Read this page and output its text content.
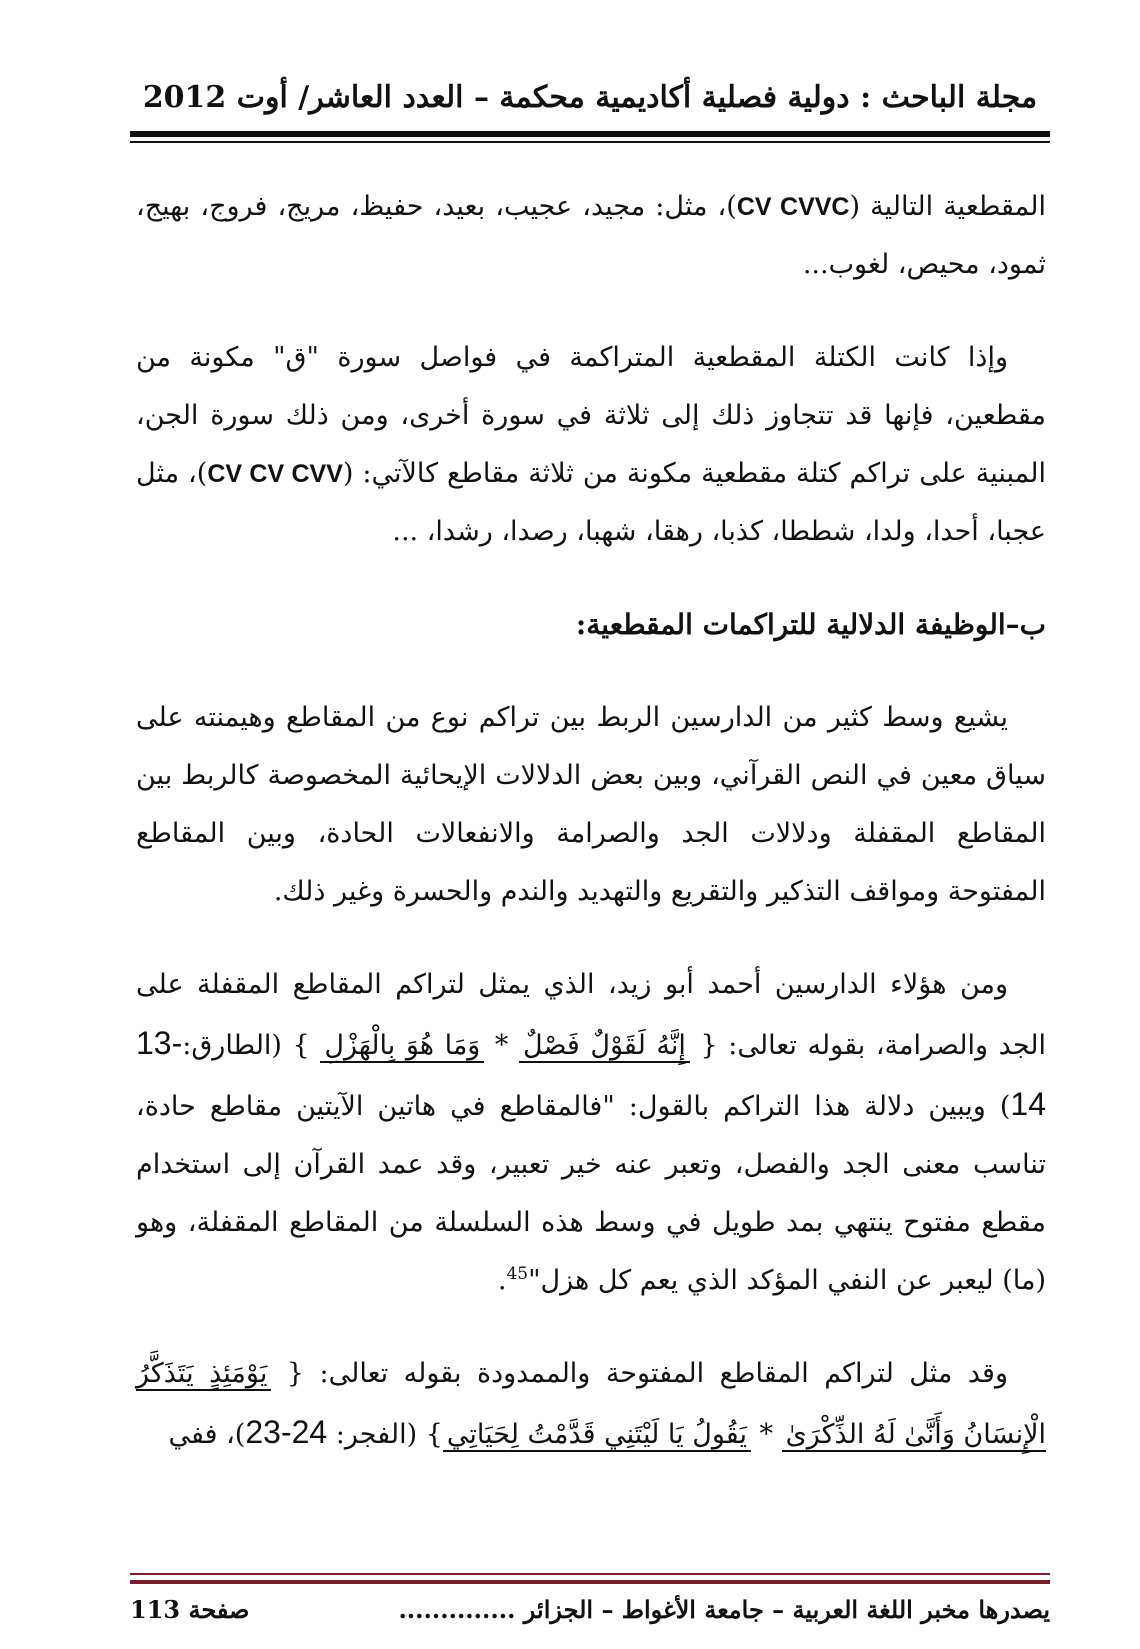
مجلة الباحث : دولية فصلية أكاديمية محكمة – العدد العاشر/ أوت 2012

المقطعية التالية (CV CVVC)، مثل: مجيد، عجيب، بعيد، حفيظ، مريج، فروج، بهيج، ثمود، محيص، لغوب...

وإذا كانت الكتلة المقطعية المتراكمة في فواصل سورة "ق" مكونة من مقطعين، فإنها قد تتجاوز ذلك إلى ثلاثة في سورة أخرى، ومن ذلك سورة الجن، المبنية على تراكم كتلة مقطعية مكونة من ثلاثة مقاطع كالآتي: (CV CV CVV)، مثل عجبا، أحدا، ولدا، شططا، كذبا، رهقا، شهبا، رصدا، رشدا، ...

ب–الوظيفة الدلالية للتراكمات المقطعية:

يشيع وسط كثير من الدارسين الربط بين تراكم نوع من المقاطع وهيمنته على سياق معين في النص القرآني، وبين بعض الدلالات الإيحائية المخصوصة كالربط بين المقاطع المقفلة ودلالات الجد والصرامة والانفعالات الحادة، وبين المقاطع المفتوحة ومواقف التذكير والتقريع والتهديد والندم والحسرة وغير ذلك.

ومن هؤلاء الدارسين أحمد أبو زيد، الذي يمثل لتراكم المقاطع المقفلة على الجد والصرامة، بقوله تعالى: { إِنَّهُ لَقَوْلٌ فَصْلٌ * وَمَا هُوَ بِالْهَزْلِ } (الطارق:13- 14) ويبين دلالة هذا التراكم بالقول: "فالمقاطع في هاتين الآيتين مقاطع حادة، تناسب معنى الجد والفصل، وتعبر عنه خير تعبير، وقد عمد القرآن إلى استخدام مقطع مفتوح ينتهي بمد طويل في وسط هذه السلسلة من المقاطع المقفلة، وهو (ما) ليعبر عن النفي المؤكد الذي يعم كل هزل"$^{45}$.

وقد مثل لتراكم المقاطع المفتوحة والممدودة بقوله تعالى: { يَوْمَئِذٍ يَتَذَكَّرُ الْإِنسَانُ وَأَنَّىٰ لَهُ الذِّكْرَىٰ * يَقُولُ يَا لَيْتَنِي قَدَّمْتُ لِحَيَاتِي} (الفجر: 23-24)، ففي

يصدرها مخبر اللغة العربية – جامعة الأغواط – الجزائر ..............
صفحة 113
